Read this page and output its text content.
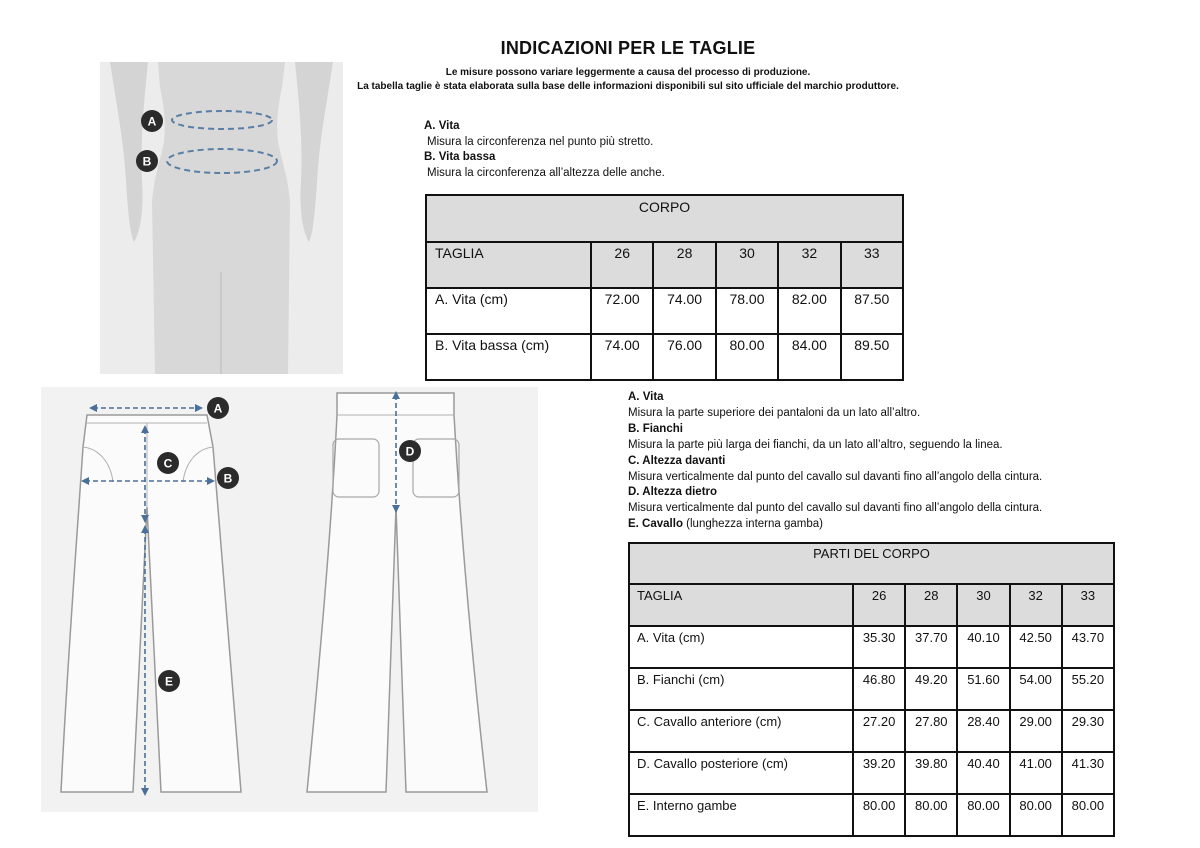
INDICAZIONI PER LE TAGLIE
Le misure possono variare leggermente a causa del processo di produzione.
La tabella taglie è stata elaborata sulla base delle informazioni disponibili sul sito ufficiale del marchio produttore.
A
B
A. Vita
Misura la circonferenza nel punto più stretto.
B. Vita bassa
Misura la circonferenza all’altezza delle anche.
CORPO					
TAGLIA	26	28	30	32	33
A. Vita (cm)	72.00	74.00	78.00	82.00	87.50
B. Vita bassa (cm)	74.00	76.00	80.00	84.00	89.50
A
C
B
D
E
A. Vita
Misura la parte superiore dei pantaloni da un lato all’altro.
B. Fianchi
Misura la parte più larga dei fianchi, da un lato all’altro, seguendo la linea.
C. Altezza davanti
Misura verticalmente dal punto del cavallo sul davanti fino all’angolo della cintura.
D. Altezza dietro
Misura verticalmente dal punto del cavallo sul davanti fino all’angolo della cintura.
E. Cavallo (lunghezza interna gamba)
PARTI DEL CORPO					
TAGLIA	26	28	30	32	33
A. Vita (cm)	35.30	37.70	40.10	42.50	43.70
B. Fianchi (cm)	46.80	49.20	51.60	54.00	55.20
C. Cavallo anteriore (cm)	27.20	27.80	28.40	29.00	29.30
D. Cavallo posteriore (cm)	39.20	39.80	40.40	41.00	41.30
E. Interno gambe	80.00	80.00	80.00	80.00	80.00
